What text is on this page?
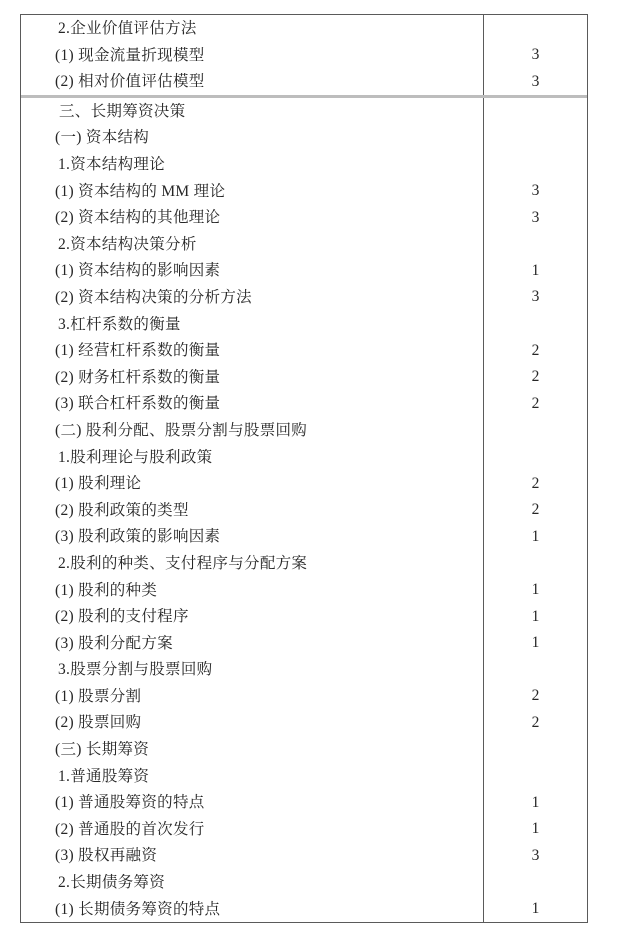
2.企业价值评估方法
(1) 现金流量折现模型	3
(2) 相对价值评估模型	3
三、长期筹资决策
(一) 资本结构
1.资本结构理论
(1) 资本结构的 MM 理论	3
(2) 资本结构的其他理论	3
2.资本结构决策分析
(1) 资本结构的影响因素	1
(2) 资本结构决策的分析方法	3
3.杠杆系数的衡量
(1) 经营杠杆系数的衡量	2
(2) 财务杠杆系数的衡量	2
(3) 联合杠杆系数的衡量	2
(二) 股利分配、股票分割与股票回购
1.股利理论与股利政策
(1) 股利理论	2
(2) 股利政策的类型	2
(3) 股利政策的影响因素	1
2.股利的种类、支付程序与分配方案
(1) 股利的种类	1
(2) 股利的支付程序	1
(3) 股利分配方案	1
3.股票分割与股票回购
(1) 股票分割	2
(2) 股票回购	2
(三) 长期筹资
1.普通股筹资
(1) 普通股筹资的特点	1
(2) 普通股的首次发行	1
(3) 股权再融资	3
2.长期债务筹资
(1) 长期债务筹资的特点	1
